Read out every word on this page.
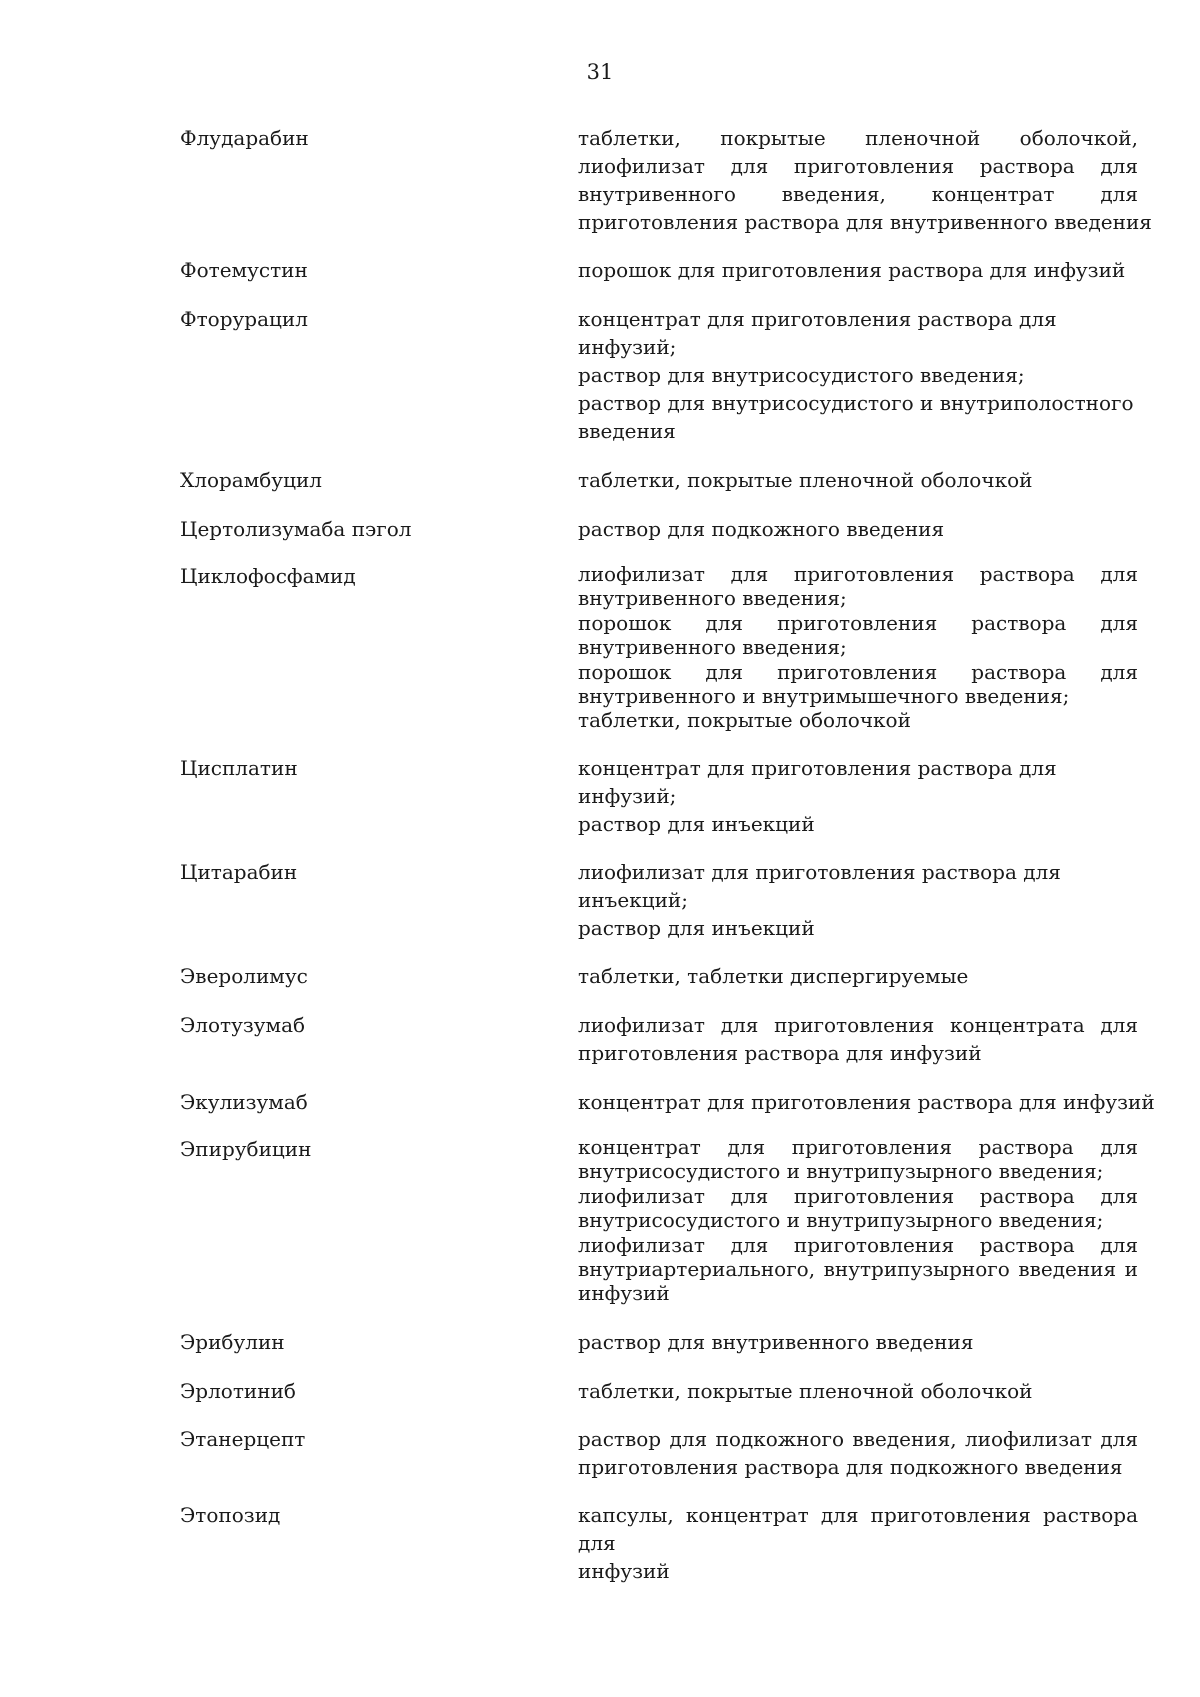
31
Флударабин	таблетки, покрытые пленочной оболочкой,
лиофилизат для приготовления раствора для
внутривенного введения, концентрат для
приготовления раствора для внутривенного введения
Фотемустин	порошок для приготовления раствора для инфузий
Фторурацил	концентрат для приготовления раствора для
инфузий;
раствор для внутрисосудистого введения;
раствор для внутрисосудистого и внутриполостного
введения
Хлорамбуцил	таблетки, покрытые пленочной оболочкой
Цертолизумаба пэгол	раствор для подкожного введения
Циклофосфамид	лиофилизат для приготовления раствора для
внутривенного введения;
порошок для приготовления раствора для
внутривенного введения;
порошок для приготовления раствора для
внутривенного и внутримышечного введения;
таблетки, покрытые оболочкой
Цисплатин	концентрат для приготовления раствора для
инфузий;
раствор для инъекций
Цитарабин	лиофилизат для приготовления раствора для
инъекций;
раствор для инъекций
Эверолимус	таблетки, таблетки диспергируемые
Элотузумаб	лиофилизат для приготовления концентрата для
приготовления раствора для инфузий
Экулизумаб	концентрат для приготовления раствора для инфузий
Эпирубицин	концентрат для приготовления раствора для
внутрисосудистого и внутрипузырного введения;
лиофилизат для приготовления раствора для
внутрисосудистого и внутрипузырного введения;
лиофилизат для приготовления раствора для
внутриартериального, внутрипузырного введения и
инфузий
Эрибулин	раствор для внутривенного введения
Эрлотиниб	таблетки, покрытые пленочной оболочкой
Этанерцепт	раствор для подкожного введения, лиофилизат для
приготовления раствора для подкожного введения
Этопозид	капсулы, концентрат для приготовления раствора для
инфузий
